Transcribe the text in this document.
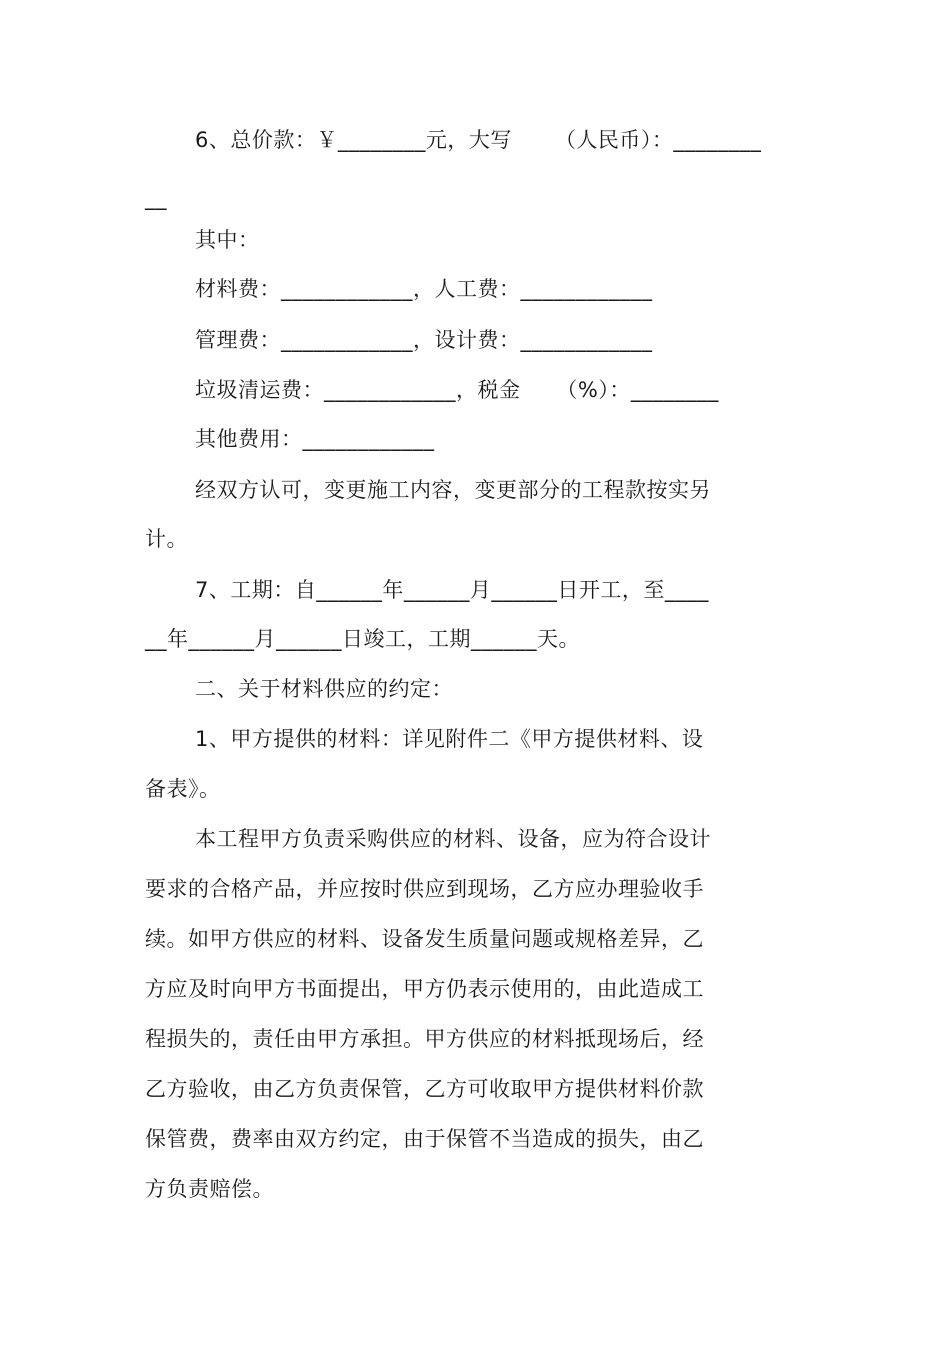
6、总价款：￥________元，大写      （人民币）：________
__
其中：
材料费：____________，人工费：____________
管理费：____________，设计费：____________
垃圾清运费：____________，税金     （%）：________
其他费用：____________
经双方认可，变更施工内容，变更部分的工程款按实另
计。
7、工期：自______年______月______日开工，至____
__年______月______日竣工，工期______天。
二、关于材料供应的约定：
1、甲方提供的材料：详见附件二《甲方提供材料、设
备表》。
本工程甲方负责采购供应的材料、设备，应为符合设计
要求的合格产品，并应按时供应到现场，乙方应办理验收手
续。如甲方供应的材料、设备发生质量问题或规格差异，乙
方应及时向甲方书面提出，甲方仍表示使用的，由此造成工
程损失的，责任由甲方承担。甲方供应的材料抵现场后，经
乙方验收，由乙方负责保管，乙方可收取甲方提供材料价款
保管费，费率由双方约定，由于保管不当造成的损失，由乙
方负责赔偿。
